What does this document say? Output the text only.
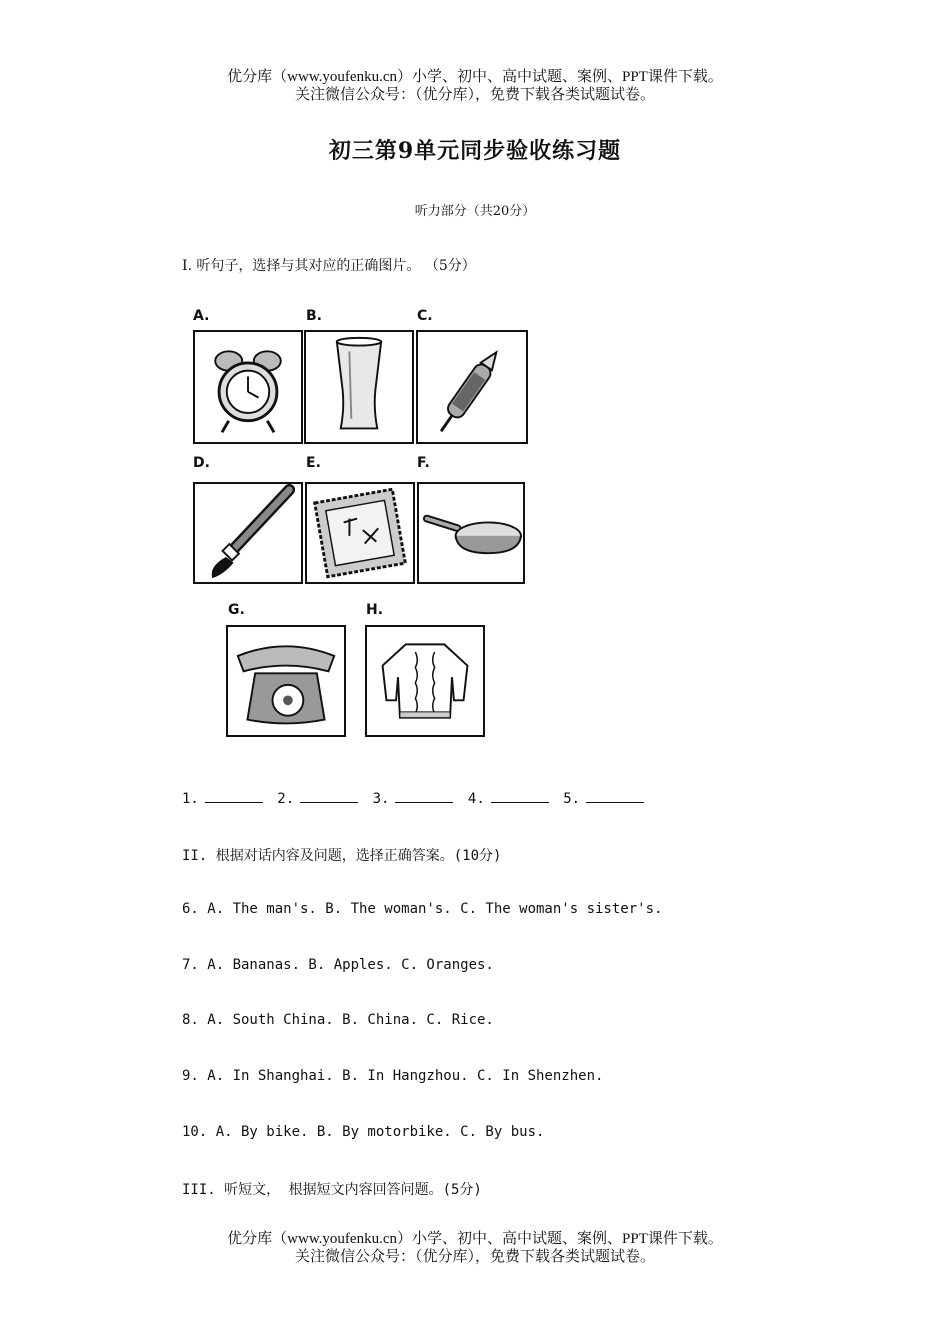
优分库（www.youfenku.cn）小学、初中、高中试题、案例、PPT课件下载。
关注微信公众号：（优分库），免费下载各类试题试卷。
初三第9单元同步验收练习题
听力部分（共20分）
I. 听句子，选择与其对应的正确图片。 （5分）
A.	B.	C.
D.	E.	F.
G.	H.
1.	2.	3.	4.	5.
II. 根据对话内容及问题，选择正确答案。(10分)
6. A. The man's. B. The woman's. C. The woman's sister's.
7. A. Bananas. B. Apples. C. Oranges.
8. A. South China. B. China. C. Rice.
9. A. In Shanghai. B. In Hangzhou. C. In Shenzhen.
10. A. By bike. B. By motorbike. C. By bus.
III. 听短文， 根据短文内容回答问题。(5分)
优分库（www.youfenku.cn）小学、初中、高中试题、案例、PPT课件下载。
关注微信公众号：（优分库），免费下载各类试题试卷。
